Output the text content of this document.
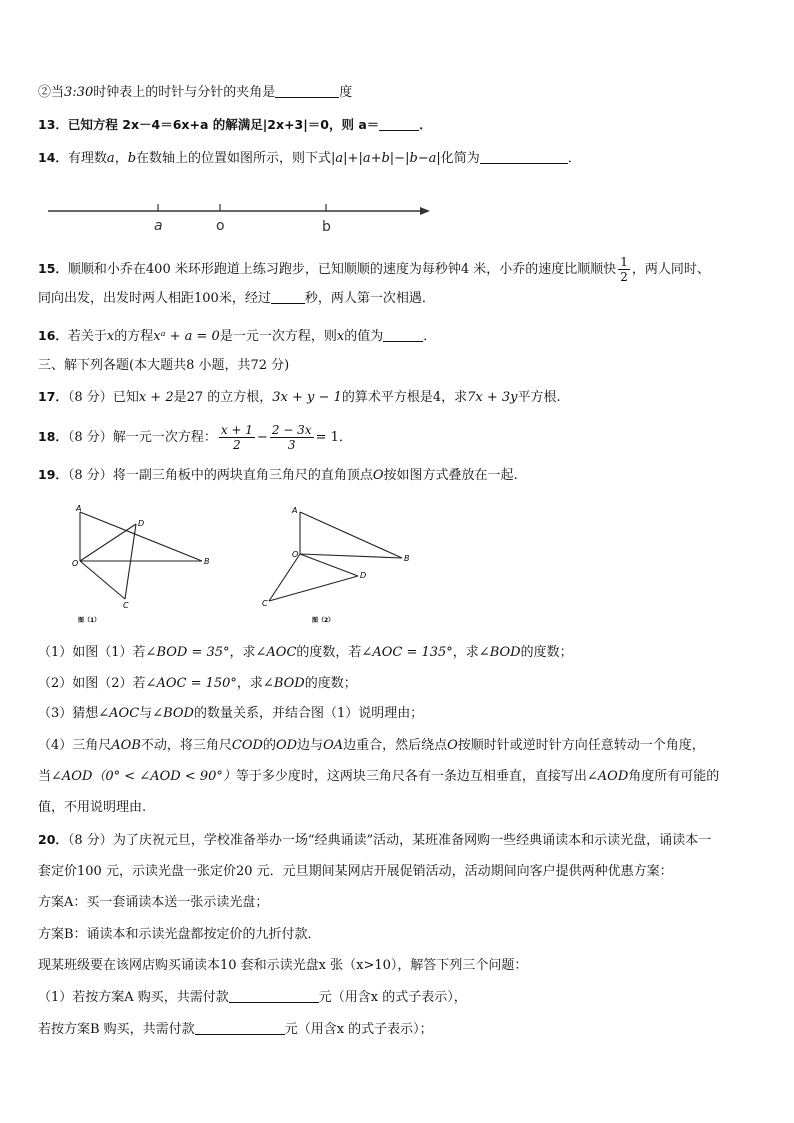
②当3:30时钟表上的时针与分针的夹角是	度
13．已知方程 2x－4＝6x+a 的解满足|2x+3|＝0，则 a＝	．
14．有理数a，b在数轴上的位置如图所示，则下式|a|+|a+b|−|b−a|化简为	．
a	o	b
15．顺顺和小乔在400 米环形跑道上练习跑步，已知顺顺的速度为每秒钟4 米，小乔的速度比顺顺快 $\frac{1}{2}$ ，两人同时、
同向出发，出发时两人相距100米，经过	秒，两人第一次相遇．
16．若关于x的方程xᵃ + a = 0是一元一次方程，则x的值为	．
三、解下列各题(本大题共8 小题，共72 分)
17．（8 分）已知x + 2是27 的立方根，3x + y − 1的算术平方根是4，求7x + 3y平方根.
18．（8 分）解一元一次方程： $\frac{x + 1}{2} - \frac{2 - 3x}{3} = 1$．
19．（8 分）将一副三角板中的两块直角三角尺的直角顶点O按如图方式叠放在一起.
A
D
O	B
C
图（1）
A
O	B
D
C
图（2）
（1）如图（1）若∠BOD = 35°，求∠AOC的度数，若∠AOC = 135°，求∠BOD的度数；
（2）如图（2）若∠AOC = 150°，求∠BOD的度数；
（3）猜想∠AOC与∠BOD的数量关系，并结合图（1）说明理由；
（4）三角尺AOB不动，将三角尺COD的OD边与OA边重合，然后绕点O按顺时针或逆时针方向任意转动一个角度，
当∠AOD（0° < ∠AOD < 90°）等于多少度时，这两块三角尺各有一条边互相垂直，直接写出∠AOD角度所有可能的
值，不用说明理由.
20．（8 分）为了庆祝元旦，学校准备举办一场“经典诵读”活动，某班准备网购一些经典诵读本和示读光盘，诵读本一
套定价100 元，示读光盘一张定价20 元．元旦期间某网店开展促销活动，活动期间向客户提供两种优惠方案：
方案A：买一套诵读本送一张示读光盘；
方案B：诵读本和示读光盘都按定价的九折付款．
现某班级要在该网店购买诵读本10 套和示读光盘x 张（x>10），解答下列三个问题：
（1）若按方案A 购买，共需付款	元（用含x 的式子表示），
若按方案B 购买，共需付款	元（用含x 的式子表示）；
